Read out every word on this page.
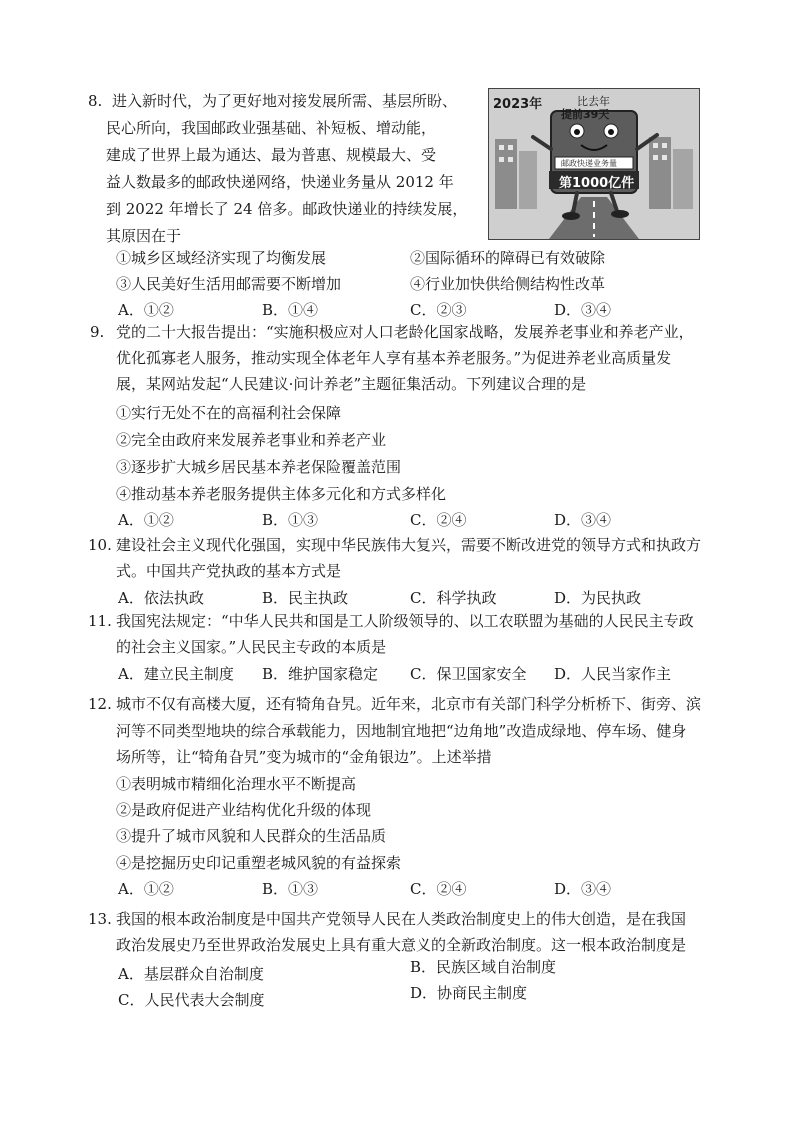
8. 进入新时代，为了更好地对接发展所需、基层所盼、

民心所向，我国邮政业强基础、补短板、增动能，

建成了世界上最为通达、最为普惠、规模最大、受

益人数最多的邮政快递网络，快递业务量从 2012 年

到 2022 年增长了 24 倍多。邮政快递业的持续发展，

其原因在于

2023年	比去年
提前39天
邮政快递业务量
第1000亿件
①城乡区域经济实现了均衡发展	②国际循环的障碍已有效破除
③人民美好生活用邮需要不断增加	④行业加快供给侧结构性改革
A．①②	B．①④	C．②③	D．③④
9. 党的二十大报告提出：“实施积极应对人口老龄化国家战略，发展养老事业和养老产业，
优化孤寡老人服务，推动实现全体老年人享有基本养老服务。”为促进养老业高质量发
展，某网站发起“人民建议·问计养老”主题征集活动。下列建议合理的是
①实行无处不在的高福利社会保障
②完全由政府来发展养老事业和养老产业
③逐步扩大城乡居民基本养老保险覆盖范围
④推动基本养老服务提供主体多元化和方式多样化
A．①②	B．①③	C．②④	D．③④
10. 建设社会主义现代化强国，实现中华民族伟大复兴，需要不断改进党的领导方式和执政方
式。中国共产党执政的基本方式是
A．依法执政	B．民主执政	C．科学执政	D．为民执政
11. 我国宪法规定：“中华人民共和国是工人阶级领导的、以工农联盟为基础的人民民主专政
的社会主义国家。”人民民主专政的本质是
A．建立民主制度 B．维护国家稳定 C．保卫国家安全 D．人民当家作主
12. 城市不仅有高楼大厦，还有犄角旮旯。近年来，北京市有关部门科学分析桥下、街旁、滨
河等不同类型地块的综合承载能力，因地制宜地把“边角地”改造成绿地、停车场、健身
场所等，让“犄角旮旯”变为城市的“金角银边”。上述举措
①表明城市精细化治理水平不断提高
②是政府促进产业结构优化升级的体现
③提升了城市风貌和人民群众的生活品质
④是挖掘历史印记重塑老城风貌的有益探索
A．①②	B．①③	C．②④	D．③④
13. 我国的根本政治制度是中国共产党领导人民在人类政治制度史上的伟大创造，是在我国
政治发展史乃至世界政治发展史上具有重大意义的全新政治制度。这一根本政治制度是
A．基层群众自治制度	B．民族区域自治制度
C．人民代表大会制度	D．协商民主制度
